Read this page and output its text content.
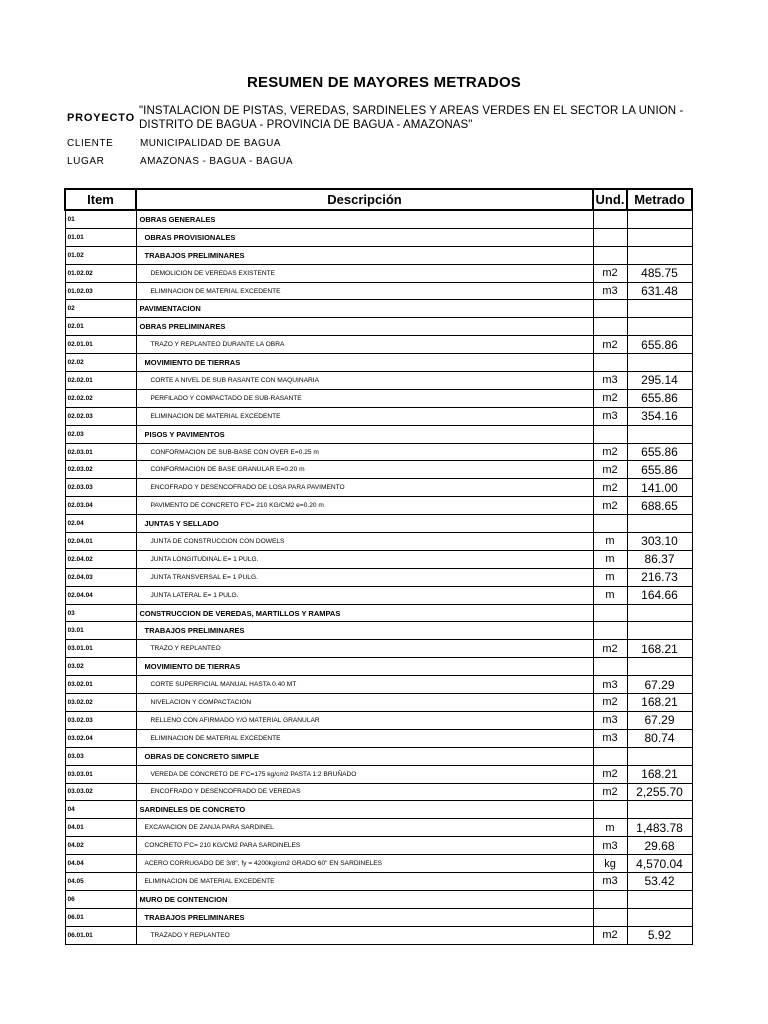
RESUMEN DE MAYORES METRADOS
PROYECTO
"INSTALACION DE PISTAS, VEREDAS, SARDINELES Y AREAS VERDES EN EL SECTOR LA UNION - DISTRITO DE BAGUA - PROVINCIA DE BAGUA - AMAZONAS"
CLIENTE	MUNICIPALIDAD DE BAGUA
LUGAR	AMAZONAS - BAGUA - BAGUA
Item	Descripción	Und.	Metrado
01	OBRAS GENERALES		
01.01	OBRAS PROVISIONALES		
01.02	TRABAJOS PRELIMINARES		
01.02.02	DEMOLICION DE VEREDAS EXISTENTE	m2	485.75
01.02.03	ELIMINACION DE MATERIAL EXCEDENTE	m3	631.48
02	PAVIMENTACION		
02.01	OBRAS PRELIMINARES		
02.01.01	TRAZO Y REPLANTEO DURANTE LA OBRA	m2	655.86
02.02	MOVIMIENTO DE TIERRAS		
02.02.01	CORTE A NIVEL DE SUB RASANTE CON MAQUINARIA	m3	295.14
02.02.02	PERFILADO Y COMPACTADO DE SUB-RASANTE	m2	655.86
02.02.03	ELIMINACION DE MATERIAL EXCEDENTE	m3	354.16
02.03	PISOS Y PAVIMENTOS		
02.03.01	CONFORMACION DE SUB-BASE CON OVER E=0.25 m	m2	655.86
02.03.02	CONFORMACION DE BASE GRANULAR E=0.20 m	m2	655.86
02.03.03	ENCOFRADO Y DESENCOFRADO DE LOSA PARA PAVIMENTO	m2	141.00
02.03.04	PAVIMENTO DE CONCRETO F'C= 210 KG/CM2 e=0.20 m	m2	688.65
02.04	JUNTAS Y SELLADO		
02.04.01	JUNTA DE CONSTRUCCION CON DOWELS	m	303.10
02.04.02	JUNTA LONGITUDINAL E= 1 PULG.	m	86.37
02.04.03	JUNTA TRANSVERSAL E= 1 PULG.	m	216.73
02.04.04	JUNTA LATERAL E= 1 PULG.	m	164.66
03	CONSTRUCCION DE VEREDAS, MARTILLOS Y RAMPAS		
03.01	TRABAJOS PRELIMINARES		
03.01.01	TRAZO Y REPLANTEO	m2	168.21
03.02	MOVIMIENTO DE TIERRAS		
03.02.01	CORTE SUPERFICIAL MANUAL HASTA 0.40 MT	m3	67.29
03.02.02	NIVELACION Y COMPACTACION	m2	168.21
03.02.03	RELLENO CON AFIRMADO Y/O MATERIAL GRANULAR	m3	67.29
03.02.04	ELIMINACION DE MATERIAL EXCEDENTE	m3	80.74
03.03	OBRAS DE CONCRETO SIMPLE		
03.03.01	VEREDA DE CONCRETO DE F'C=175 kg/cm2 PASTA 1:2 BRUÑADO	m2	168.21
03.03.02	ENCOFRADO Y DESENCOFRADO DE VEREDAS	m2	2,255.70
04	SARDINELES DE CONCRETO		
04.01	EXCAVACION DE ZANJA PARA SARDINEL	m	1,483.78
04.02	CONCRETO F'C= 210 KG/CM2 PARA SARDINELES	m3	29.68
04.04	ACERO CORRUGADO DE 3/8", fy = 4200kg/cm2 GRADO 60" EN SARDINELES	kg	4,570.04
04.05	ELIMINACION DE MATERIAL EXCEDENTE	m3	53.42
06	MURO DE CONTENCION		
06.01	TRABAJOS PRELIMINARES		
06.01.01	TRAZADO Y REPLANTEO	m2	5.92
